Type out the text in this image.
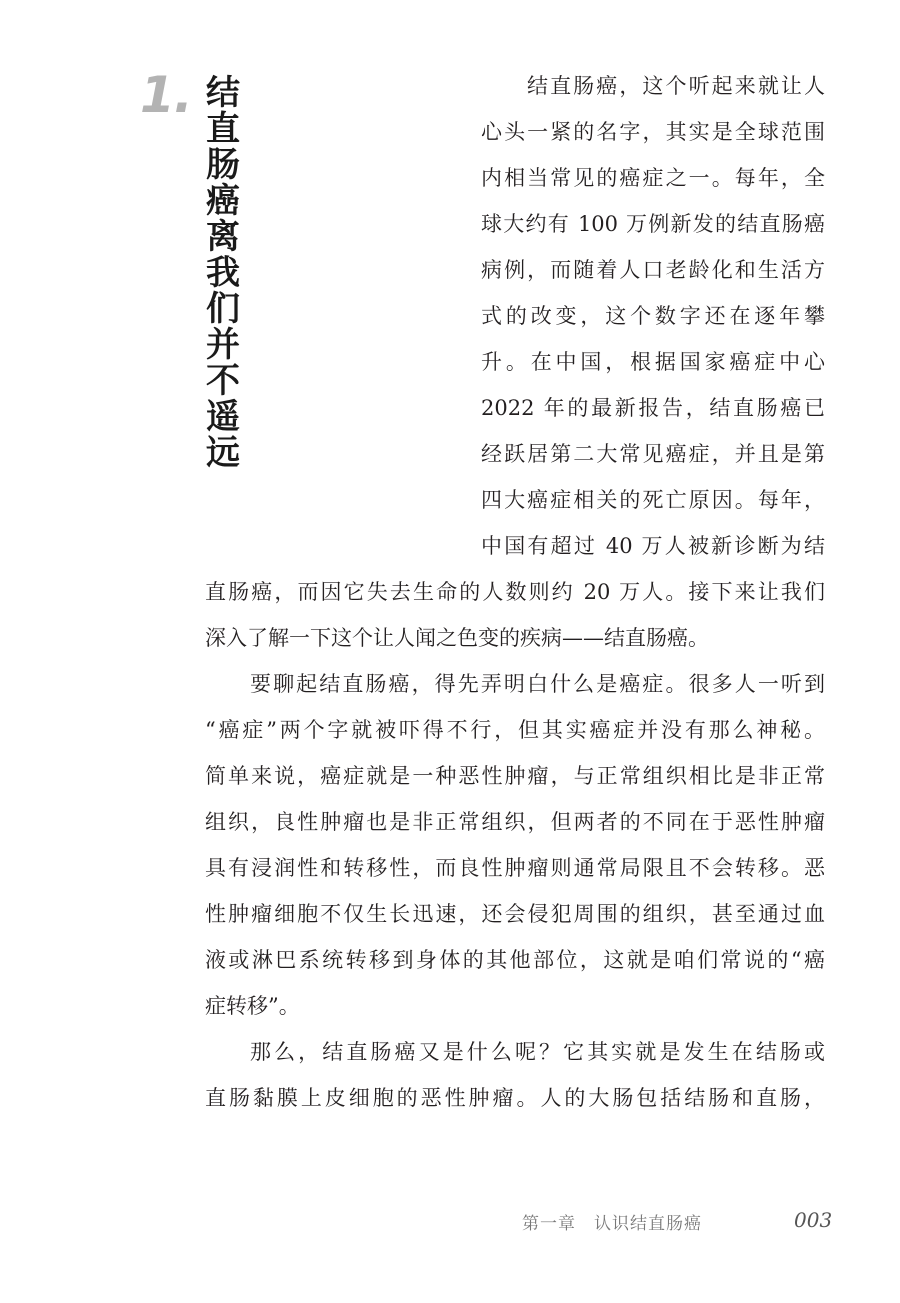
1. 结直肠癌离我们并不遥远
结直肠癌，这个听起来就让人
心头一紧的名字，其实是全球范围
内相当常见的癌症之一。每年，全
球大约有 100 万例新发的结直肠癌
病例，而随着人口老龄化和生活方
式的改变，这个数字还在逐年攀
升。在中国，根据国家癌症中心
2022 年的最新报告，结直肠癌已
经跃居第二大常见癌症，并且是第
四大癌症相关的死亡原因。每年，
中国有超过 40 万人被新诊断为结
直肠癌，而因它失去生命的人数则约 20 万人。接下来让我们
深入了解一下这个让人闻之色变的疾病——结直肠癌。
要聊起结直肠癌，得先弄明白什么是癌症。很多人一听到
“癌症”两个字就被吓得不行，但其实癌症并没有那么神秘。
简单来说，癌症就是一种恶性肿瘤，与正常组织相比是非正常
组织，良性肿瘤也是非正常组织，但两者的不同在于恶性肿瘤
具有浸润性和转移性，而良性肿瘤则通常局限且不会转移。恶
性肿瘤细胞不仅生长迅速，还会侵犯周围的组织，甚至通过血
液或淋巴系统转移到身体的其他部位，这就是咱们常说的“癌
症转移”。
那么，结直肠癌又是什么呢？它其实就是发生在结肠或
直肠黏膜上皮细胞的恶性肿瘤。人的大肠包括结肠和直肠，
第一章　认识结直肠癌	003
